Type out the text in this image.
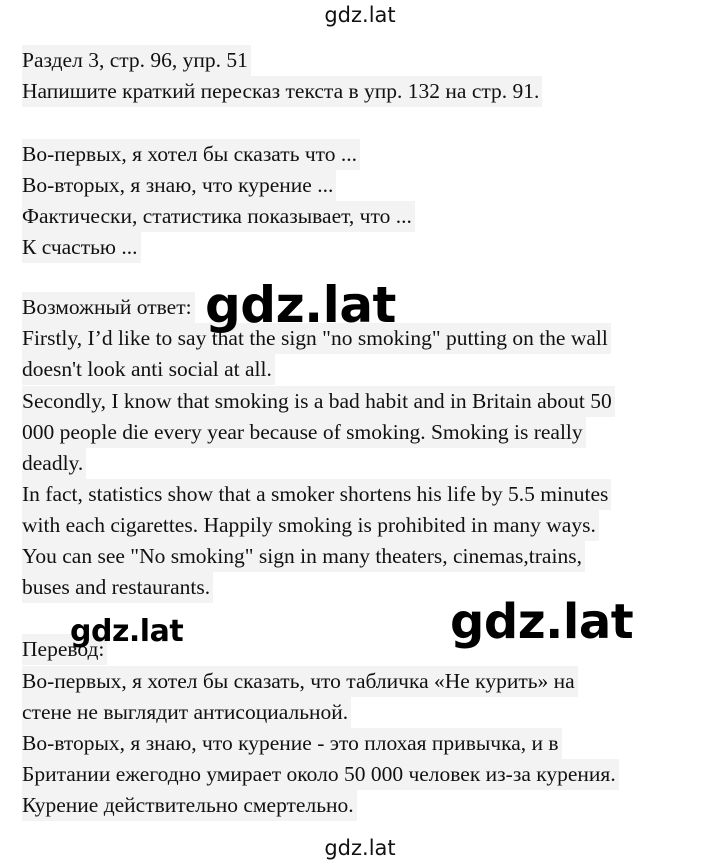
gdz.lat
Раздел 3, стр. 96, упр. 51
Напишите краткий пересказ текста в упр. 132 на стр. 91.
Во-первых, я хотел бы сказать что ...
Во-вторых, я знаю, что курение ...
Фактически, статистика показывает, что ...
К счастью ...
Возможный ответ:
Firstly, I’d like to say that the sign "no smoking" putting on the wall
doesn't look anti social at all.
Secondly, I know that smoking is a bad habit and in Britain about 50
000 people die every year because of smoking. Smoking is really
deadly.
In fact, statistics show that a smoker shortens his life by 5.5 minutes
with each cigarettes. Happily smoking is prohibited in many ways.
You can see "No smoking" sign in many theaters, cinemas,trains,
buses and restaurants.
Перевод:
Во-первых, я хотел бы сказать, что табличка «Не курить» на
стене не выглядит антисоциальной.
Во-вторых, я знаю, что курение - это плохая привычка, и в
Британии ежегодно умирает около 50 000 человек из-за курения.
Курение действительно смертельно.
gdz.lat
gdz.lat	gdz.lat
gdz.lat
